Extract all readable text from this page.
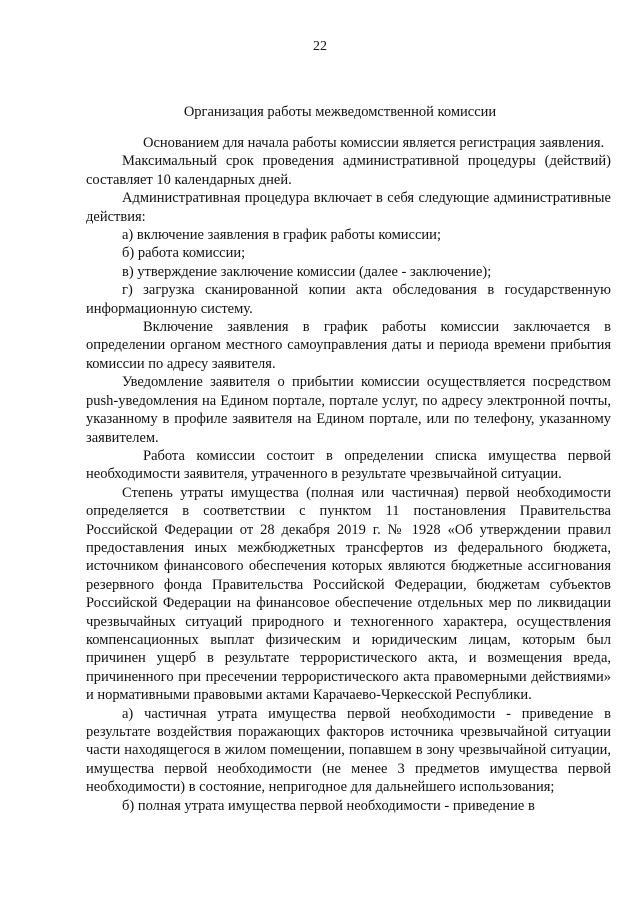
22
Организация работы межведомственной комиссии

Основанием для начала работы комиссии является регистрация заявления.

Максимальный срок проведения административной процедуры (действий) составляет 10 календарных дней.

Административная процедура включает в себя следующие административные действия:

а) включение заявления в график работы комиссии;

б) работа комиссии;

в) утверждение заключение комиссии (далее - заключение);

г) загрузка сканированной копии акта обследования в государственную информационную систему.

Включение заявления в график работы комиссии заключается в определении органом местного самоуправления даты и периода времени прибытия комиссии по адресу заявителя.

Уведомление заявителя о прибытии комиссии осуществляется посредством push-уведомления на Едином портале, портале услуг, по адресу электронной почты, указанному в профиле заявителя на Едином портале, или по телефону, указанному заявителем.

Работа комиссии состоит в определении списка имущества первой необходимости заявителя, утраченного в результате чрезвычайной ситуации.

Степень утраты имущества (полная или частичная) первой необходимости определяется в соответствии с пунктом 11 постановления Правительства Российской Федерации от 28 декабря 2019 г. № 1928 «Об утверждении правил предоставления иных межбюджетных трансфертов из федерального бюджета, источником финансового обеспечения которых являются бюджетные ассигнования резервного фонда Правительства Российской Федерации, бюджетам субъектов Российской Федерации на финансовое обеспечение отдельных мер по ликвидации чрезвычайных ситуаций природного и техногенного характера, осуществления компенсационных выплат физическим и юридическим лицам, которым был причинен ущерб в результате террористического акта, и возмещения вреда, причиненного при пресечении террористического акта правомерными действиями» и нормативными правовыми актами Карачаево-Черкесской Республики.

а) частичная утрата имущества первой необходимости - приведение в результате воздействия поражающих факторов источника чрезвычайной ситуации части находящегося в жилом помещении, попавшем в зону чрезвычайной ситуации, имущества первой необходимости (не менее 3 предметов имущества первой необходимости) в состояние, непригодное для дальнейшего использования;

б) полная утрата имущества первой необходимости - приведение в
